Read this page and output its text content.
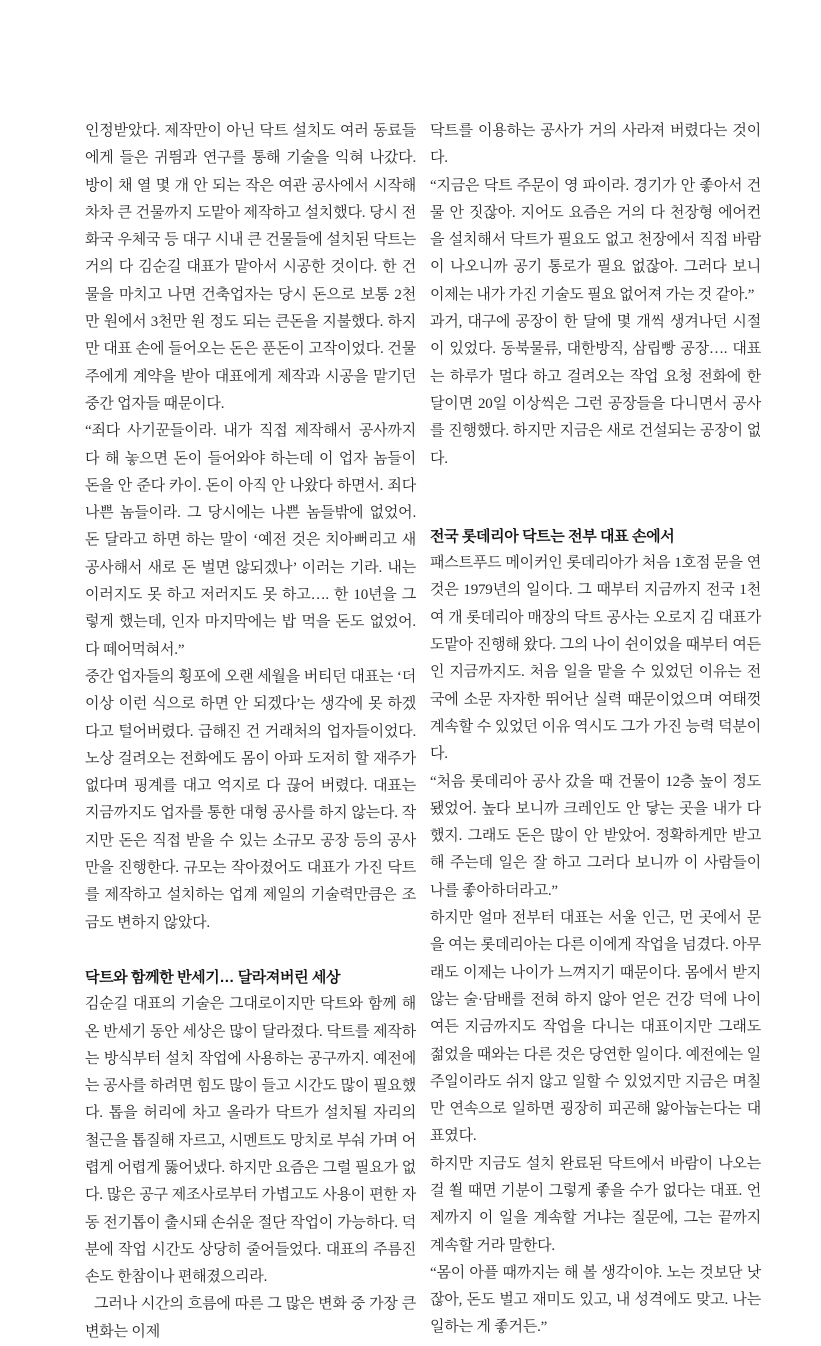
인정받았다. 제작만이 아닌 닥트 설치도 여러 동료들에게 들은 귀띔과 연구를 통해 기술을 익혀 나갔다. 방이 채 열 몇 개 안 되는 작은 여관 공사에서 시작해 차차 큰 건물까지 도맡아 제작하고 설치했다. 당시 전화국 우체국 등 대구 시내 큰 건물들에 설치된 닥트는 거의 다 김순길 대표가 맡아서 시공한 것이다. 한 건물을 마치고 나면 건축업자는 당시 돈으로 보통 2천만 원에서 3천만 원 정도 되는 큰돈을 지불했다. 하지만 대표 손에 들어오는 돈은 푼돈이 고작이었다. 건물주에게 계약을 받아 대표에게 제작과 시공을 맡기던 중간 업자들 때문이다.

“죄다 사기꾼들이라. 내가 직접 제작해서 공사까지 다 해 놓으면 돈이 들어와야 하는데 이 업자 놈들이 돈을 안 준다 카이. 돈이 아직 안 나왔다 하면서. 죄다 나쁜 놈들이라. 그 당시에는 나쁜 놈들밖에 없었어. 돈 달라고 하면 하는 말이 ‘예전 것은 치아뻐리고 새 공사해서 새로 돈 벌면 않되겠나’ 이러는 기라. 내는 이러지도 못 하고 저러지도 못 하고…. 한 10년을 그렇게 했는데, 인자 마지막에는 밥 먹을 돈도 없었어. 다 떼어먹혀서.”

중간 업자들의 횡포에 오랜 세월을 버티던 대표는 ‘더 이상 이런 식으로 하면 안 되겠다’는 생각에 못 하겠다고 털어버렸다. 급해진 건 거래처의 업자들이었다. 노상 걸려오는 전화에도 몸이 아파 도저히 할 재주가 없다며 핑계를 대고 억지로 다 끊어 버렸다. 대표는 지금까지도 업자를 통한 대형 공사를 하지 않는다. 작지만 돈은 직접 받을 수 있는 소규모 공장 등의 공사만을 진행한다. 규모는 작아졌어도 대표가 가진 닥트를 제작하고 설치하는 업계 제일의 기술력만큼은 조금도 변하지 않았다.

닥트와 함께한 반세기… 달라져버린 세상

김순길 대표의 기술은 그대로이지만 닥트와 함께 해 온 반세기 동안 세상은 많이 달라졌다. 닥트를 제작하는 방식부터 설치 작업에 사용하는 공구까지. 예전에는 공사를 하려면 힘도 많이 들고 시간도 많이 필요했다. 톱을 허리에 차고 올라가 닥트가 설치될 자리의 철근을 톱질해 자르고, 시멘트도 망치로 부숴 가며 어렵게 어렵게 뚫어냈다. 하지만 요즘은 그럴 필요가 없다. 많은 공구 제조사로부터 가볍고도 사용이 편한 자동 전기톱이 출시돼 손쉬운 절단 작업이 가능하다. 덕분에 작업 시간도 상당히 줄어들었다. 대표의 주름진 손도 한참이나 편해졌으리라.

그러나 시간의 흐름에 따른 그 많은 변화 중 가장 큰 변화는 이제

닥트를 이용하는 공사가 거의 사라져 버렸다는 것이다.

“지금은 닥트 주문이 영 파이라. 경기가 안 좋아서 건물 안 짓잖아. 지어도 요즘은 거의 다 천장형 에어컨을 설치해서 닥트가 필요도 없고 천장에서 직접 바람이 나오니까 공기 통로가 필요 없잖아. 그러다 보니 이제는 내가 가진 기술도 필요 없어져 가는 것 같아.”

과거, 대구에 공장이 한 달에 몇 개씩 생겨나던 시절이 있었다. 동북물류, 대한방직, 삼립빵 공장…. 대표는 하루가 멀다 하고 걸려오는 작업 요청 전화에 한 달이면 20일 이상씩은 그런 공장들을 다니면서 공사를 진행했다. 하지만 지금은 새로 건설되는 공장이 없다.

전국 롯데리아 닥트는 전부 대표 손에서

패스트푸드 메이커인 롯데리아가 처음 1호점 문을 연 것은 1979년의 일이다. 그 때부터 지금까지 전국 1천여 개 롯데리아 매장의 닥트 공사는 오로지 김 대표가 도맡아 진행해 왔다. 그의 나이 쉰이었을 때부터 여든인 지금까지도. 처음 일을 맡을 수 있었던 이유는 전국에 소문 자자한 뛰어난 실력 때문이었으며 여태껏 계속할 수 있었던 이유 역시도 그가 가진 능력 덕분이다.

“처음 롯데리아 공사 갔을 때 건물이 12층 높이 정도 됐었어. 높다 보니까 크레인도 안 닿는 곳을 내가 다 했지. 그래도 돈은 많이 안 받았어. 정확하게만 받고 해 주는데 일은 잘 하고 그러다 보니까 이 사람들이 나를 좋아하더라고.”

하지만 얼마 전부터 대표는 서울 인근, 먼 곳에서 문을 여는 롯데리아는 다른 이에게 작업을 넘겼다. 아무래도 이제는 나이가 느껴지기 때문이다. 몸에서 받지 않는 술·담배를 전혀 하지 않아 얻은 건강 덕에 나이 여든 지금까지도 작업을 다니는 대표이지만 그래도 젊었을 때와는 다른 것은 당연한 일이다. 예전에는 일주일이라도 쉬지 않고 일할 수 있었지만 지금은 며칠만 연속으로 일하면 굉장히 피곤해 앓아눕는다는 대표였다.

하지만 지금도 설치 완료된 닥트에서 바람이 나오는 걸 쐴 때면 기분이 그렇게 좋을 수가 없다는 대표. 언제까지 이 일을 계속할 거냐는 질문에, 그는 끝까지 계속할 거라 말한다.

“몸이 아플 때까지는 해 볼 생각이야. 노는 것보단 낫잖아, 돈도 벌고 재미도 있고, 내 성격에도 맞고. 나는 일하는 게 좋거든.”
